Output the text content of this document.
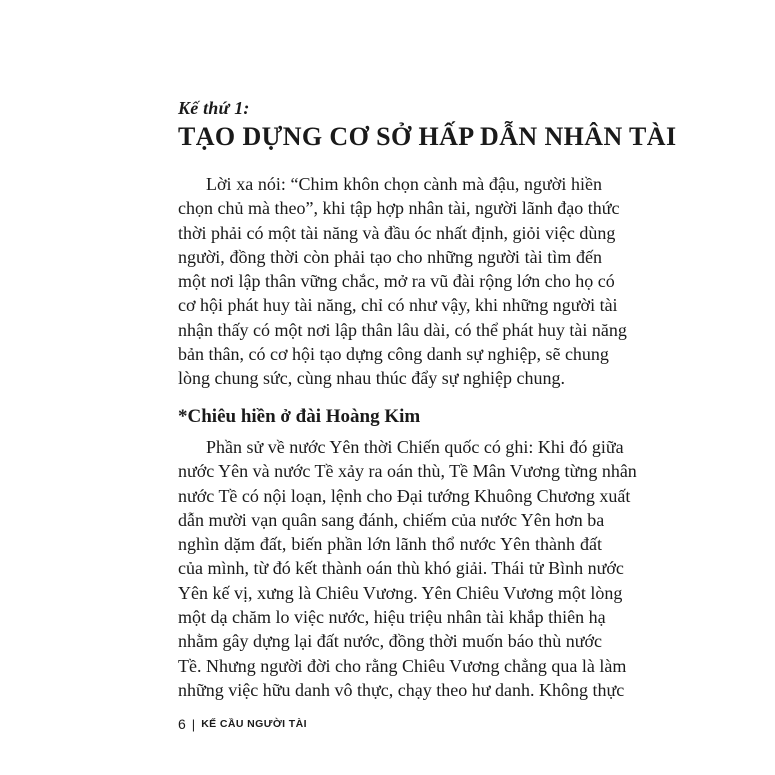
Kế thứ 1:
TẠO DỰNG CƠ SỞ HẤP DẪN NHÂN TÀI
Lời xa nói: “Chim khôn chọn cành mà đậu, người hiền
chọn chủ mà theo”, khi tập hợp nhân tài, người lãnh đạo thức
thời phải có một tài năng và đầu óc nhất định, giỏi việc dùng
người, đồng thời còn phải tạo cho những người tài tìm đến
một nơi lập thân vững chắc, mở ra vũ đài rộng lớn cho họ có
cơ hội phát huy tài năng, chỉ có như vậy, khi những người tài
nhận thấy có một nơi lập thân lâu dài, có thể phát huy tài năng
bản thân, có cơ hội tạo dựng công danh sự nghiệp, sẽ chung
lòng chung sức, cùng nhau thúc đẩy sự nghiệp chung.
*Chiêu hiền ở đài Hoàng Kim
Phần sử về nước Yên thời Chiến quốc có ghi: Khi đó giữa
nước Yên và nước Tề xảy ra oán thù, Tề Mân Vương từng nhân
nước Tề có nội loạn, lệnh cho Đại tướng Khuông Chương xuất
dẫn mười vạn quân sang đánh, chiếm của nước Yên hơn ba
nghìn dặm đất, biến phần lớn lãnh thổ nước Yên thành đất
của mình, từ đó kết thành oán thù khó giải. Thái tử Bình nước
Yên kế vị, xưng là Chiêu Vương. Yên Chiêu Vương một lòng
một dạ chăm lo việc nước, hiệu triệu nhân tài khắp thiên hạ
nhằm gây dựng lại đất nước, đồng thời muốn báo thù nước
Tề. Nhưng người đời cho rằng Chiêu Vương chẳng qua là làm
những việc hữu danh vô thực, chạy theo hư danh. Không thực
6 | KẾ CẦU NGƯỜI TÀI
